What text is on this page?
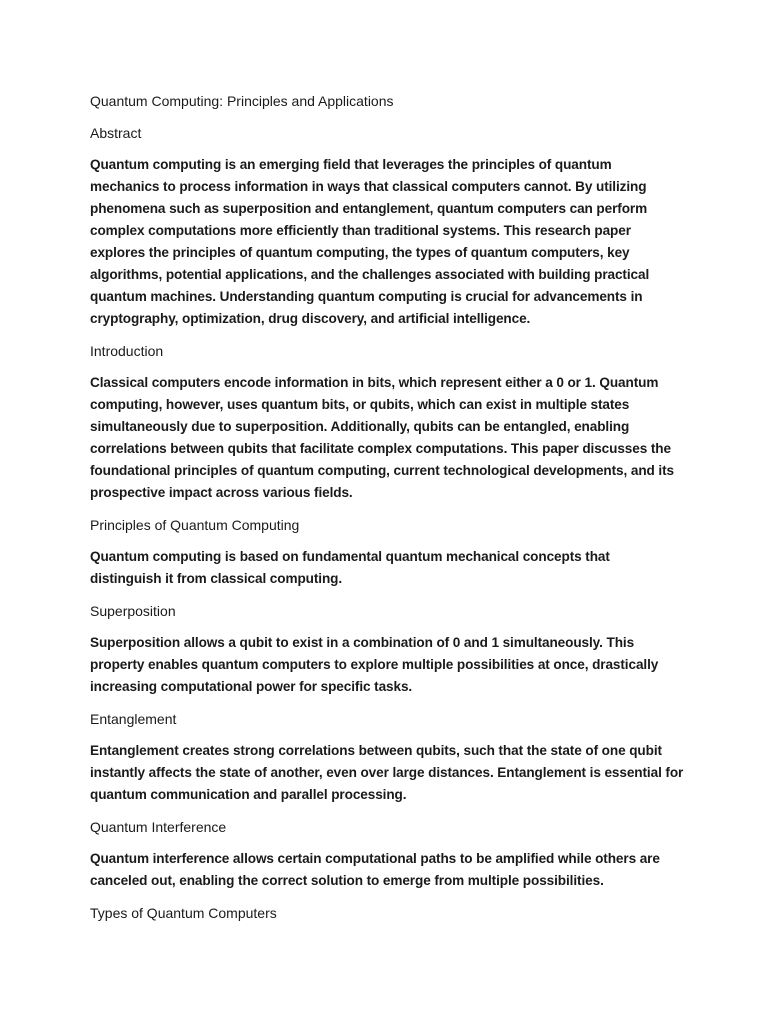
Quantum Computing: Principles and Applications
Abstract
Quantum computing is an emerging field that leverages the principles of quantum mechanics to process information in ways that classical computers cannot. By utilizing phenomena such as superposition and entanglement, quantum computers can perform complex computations more efficiently than traditional systems. This research paper explores the principles of quantum computing, the types of quantum computers, key algorithms, potential applications, and the challenges associated with building practical quantum machines. Understanding quantum computing is crucial for advancements in cryptography, optimization, drug discovery, and artificial intelligence.
Introduction
Classical computers encode information in bits, which represent either a 0 or 1. Quantum computing, however, uses quantum bits, or qubits, which can exist in multiple states simultaneously due to superposition. Additionally, qubits can be entangled, enabling correlations between qubits that facilitate complex computations. This paper discusses the foundational principles of quantum computing, current technological developments, and its prospective impact across various fields.
Principles of Quantum Computing
Quantum computing is based on fundamental quantum mechanical concepts that distinguish it from classical computing.
Superposition
Superposition allows a qubit to exist in a combination of 0 and 1 simultaneously. This property enables quantum computers to explore multiple possibilities at once, drastically increasing computational power for specific tasks.
Entanglement
Entanglement creates strong correlations between qubits, such that the state of one qubit instantly affects the state of another, even over large distances. Entanglement is essential for quantum communication and parallel processing.
Quantum Interference
Quantum interference allows certain computational paths to be amplified while others are canceled out, enabling the correct solution to emerge from multiple possibilities.
Types of Quantum Computers
